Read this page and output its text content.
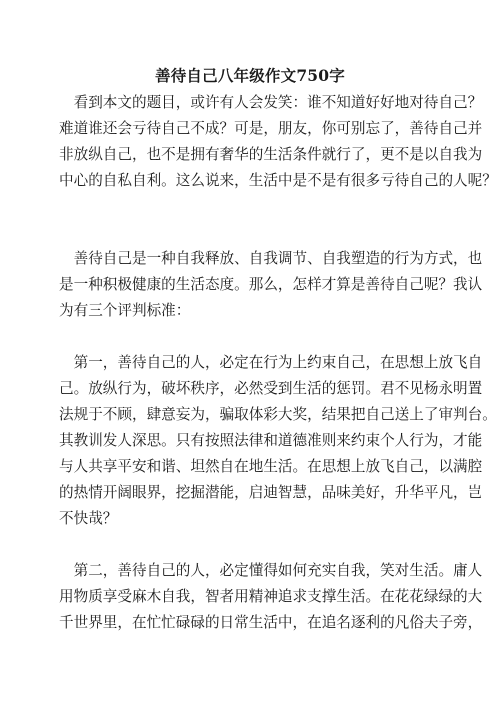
善待自己八年级作文750字
　看到本文的题目，或许有人会发笑：谁不知道好好地对待自己？
难道谁还会亏待自己不成？可是，朋友，你可别忘了，善待自己并
非放纵自己，也不是拥有奢华的生活条件就行了，更不是以自我为
中心的自私自利。这么说来，生活中是不是有很多亏待自己的人呢？
　善待自己是一种自我释放、自我调节、自我塑造的行为方式，也
是一种积极健康的生活态度。那么，怎样才算是善待自己呢？我认
为有三个评判标准：
　第一，善待自己的人，必定在行为上约束自己，在思想上放飞自
己。放纵行为，破坏秩序，必然受到生活的惩罚。君不见杨永明置
法规于不顾，肆意妄为，骗取体彩大奖，结果把自己送上了审判台。
其教训发人深思。只有按照法律和道德准则来约束个人行为，才能
与人共享平安和谐、坦然自在地生活。在思想上放飞自己，以满腔
的热情开阔眼界，挖掘潜能，启迪智慧，品味美好，升华平凡，岂
不快哉？
　第二，善待自己的人，必定懂得如何充实自我，笑对生活。庸人
用物质享受麻木自我，智者用精神追求支撑生活。在花花绿绿的大
千世界里，在忙忙碌碌的日常生活中，在追名逐利的凡俗夫子旁，
